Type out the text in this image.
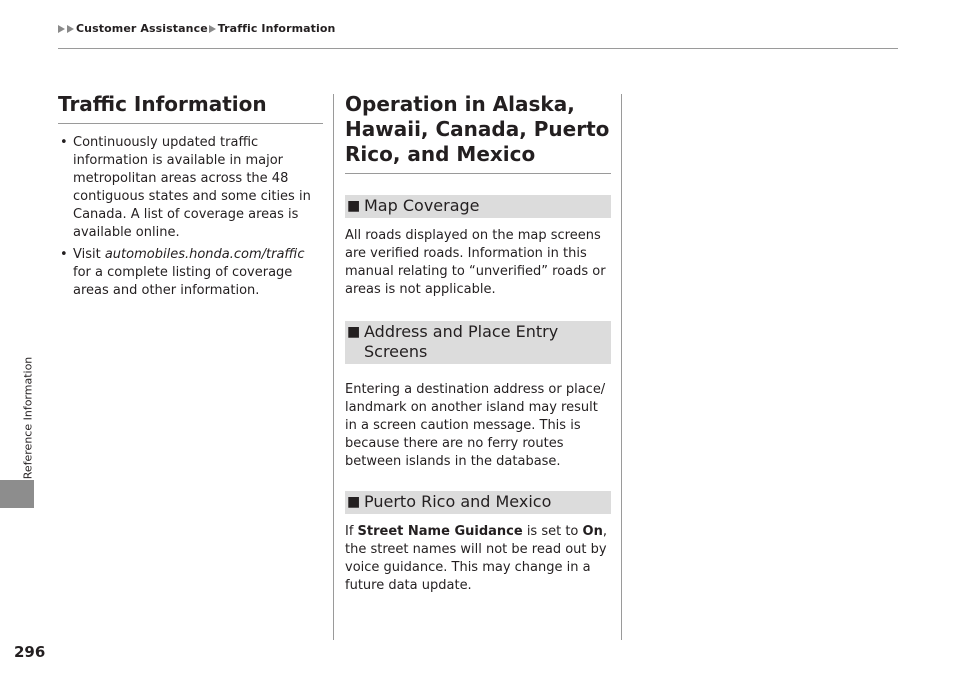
Customer Assistance Traffic Information
Reference Information
296
Traffic Information
• Continuously updated traffic information is available in major metropolitan areas across the 48 contiguous states and some cities in Canada. A list of coverage areas is available online.
• Visit automobiles.honda.com/traffic for a complete listing of coverage areas and other information.
Operation in Alaska,
Hawaii, Canada, Puerto
Rico, and Mexico
■ Map Coverage
All roads displayed on the map screens are verified roads. Information in this manual relating to “unverified” roads or areas is not applicable.
■ Address and Place Entry Screens
Entering a destination address or place/ landmark on another island may result in a screen caution message. This is because there are no ferry routes between islands in the database.
■ Puerto Rico and Mexico
If Street Name Guidance is set to On, the street names will not be read out by voice guidance. This may change in a future data update.
